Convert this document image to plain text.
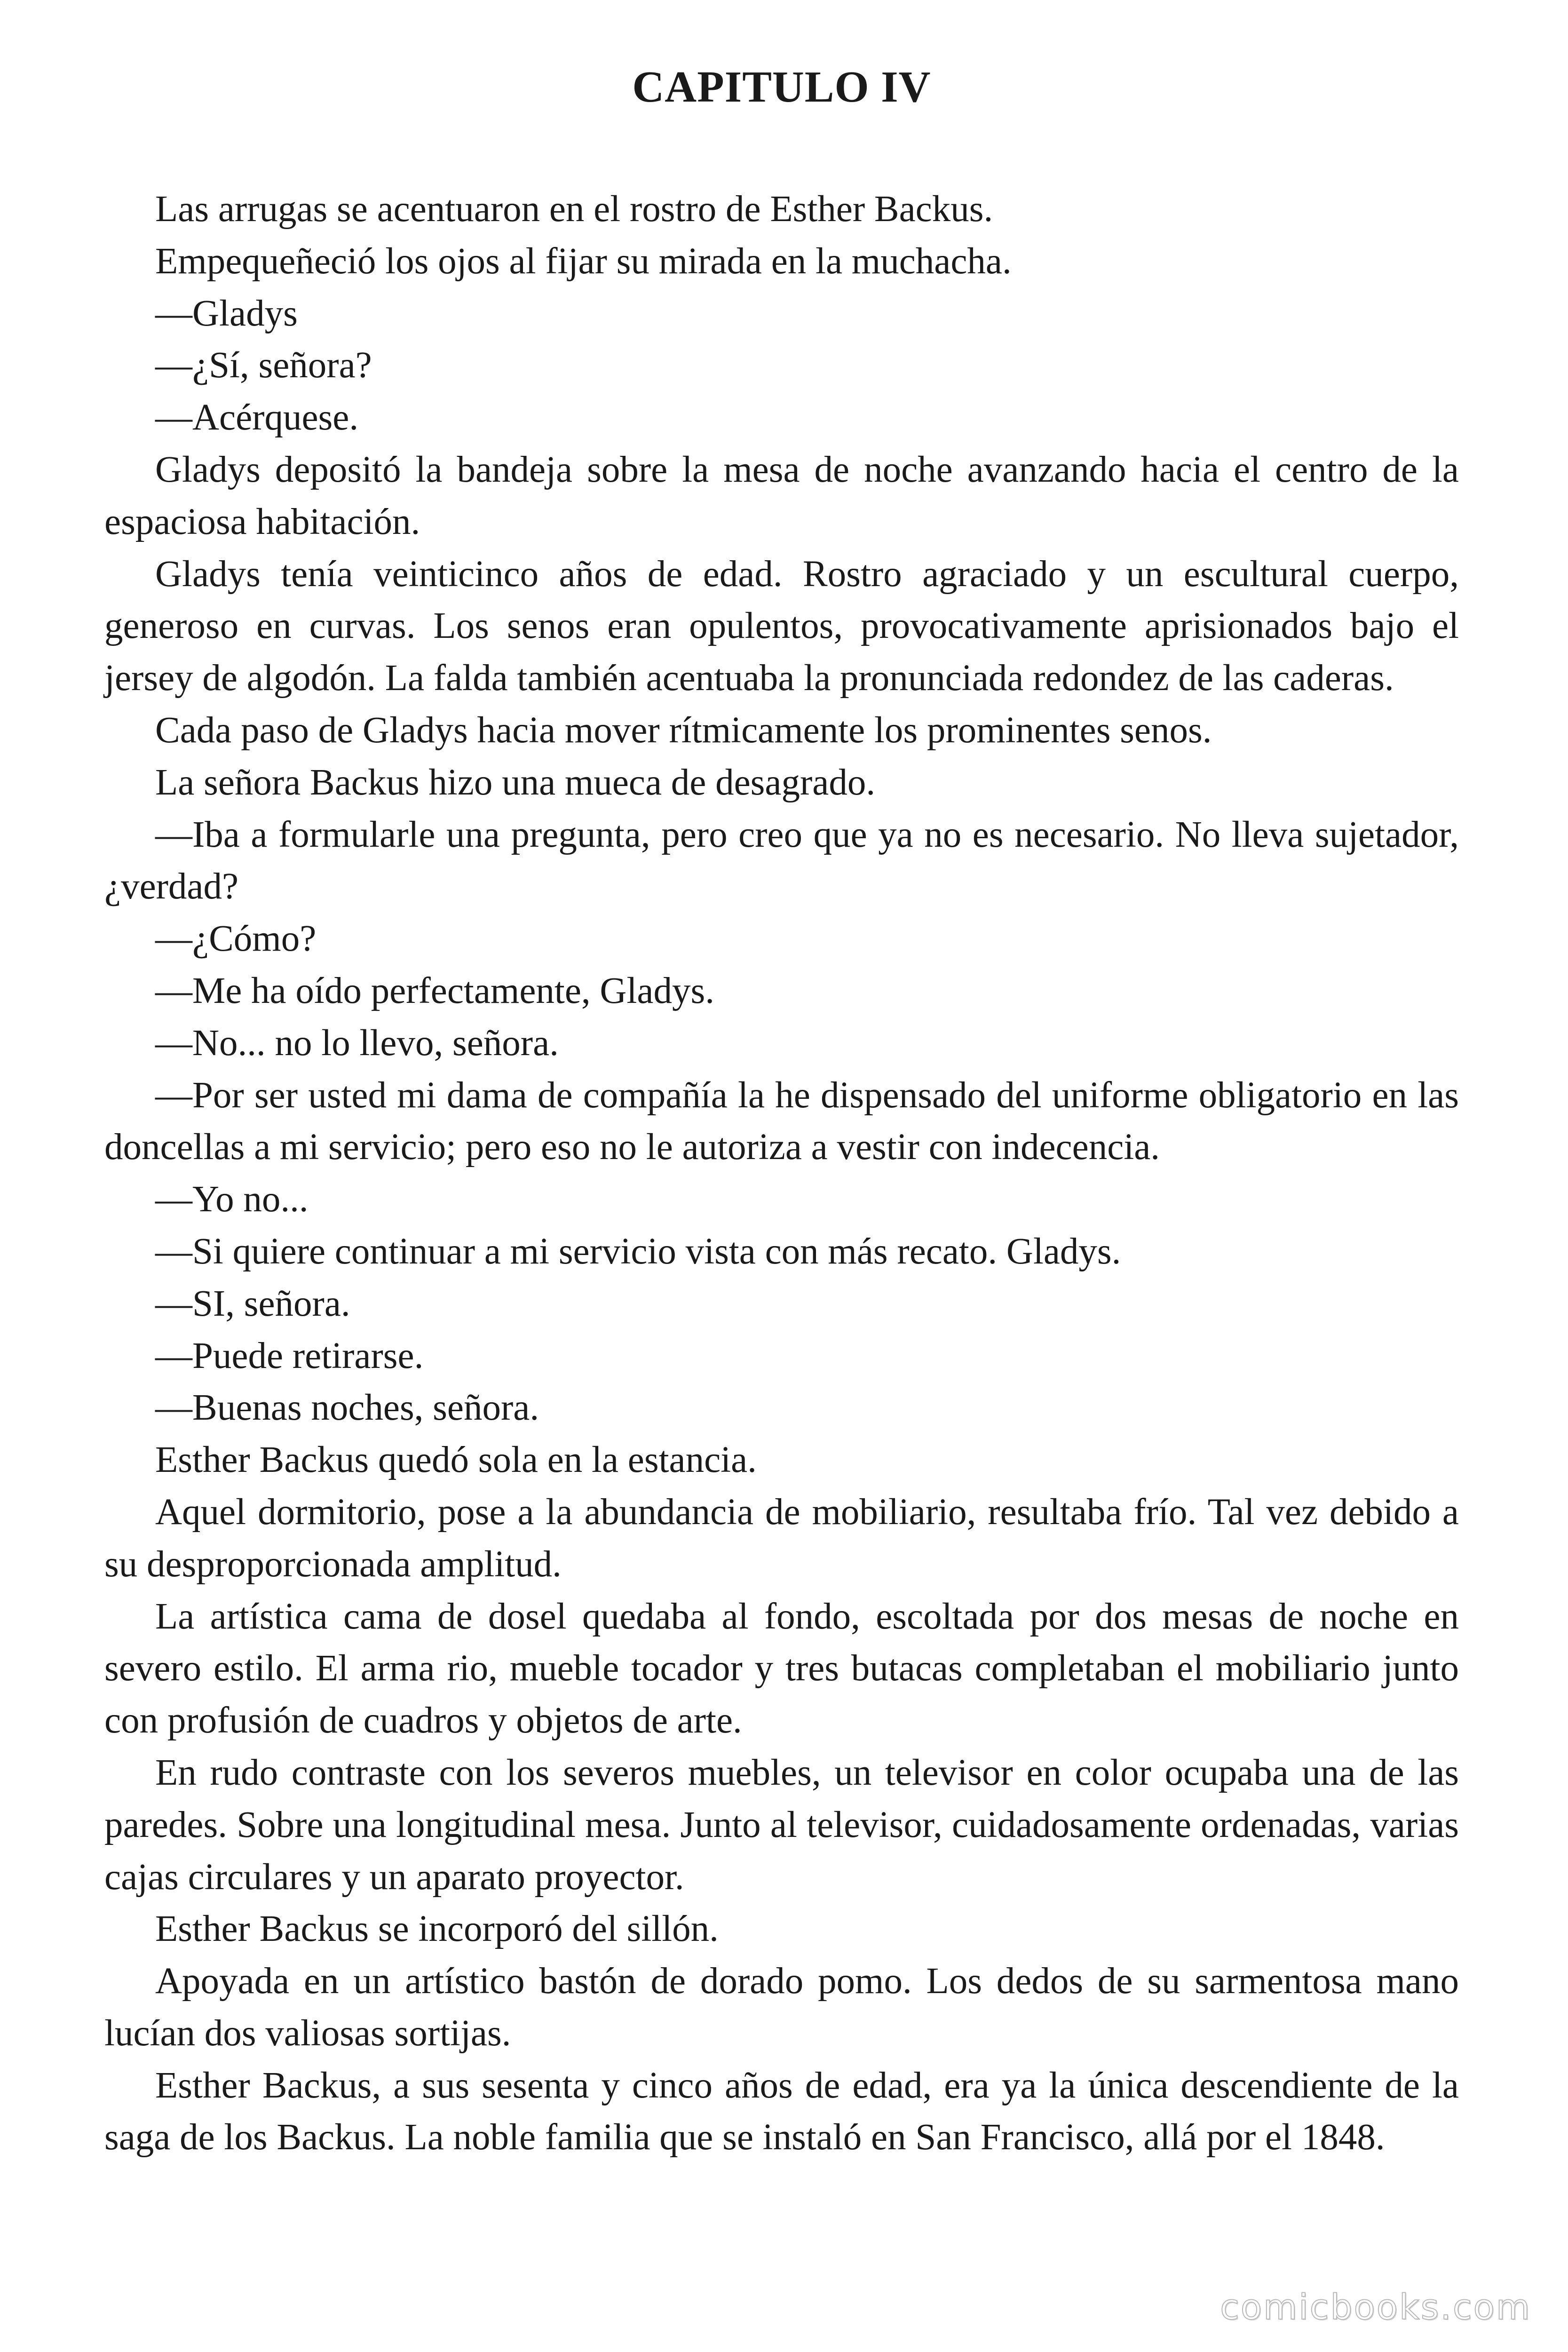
CAPITULO IV

Las arrugas se acentuaron en el rostro de Esther Backus.

Empequeñeció los ojos al fijar su mirada en la muchacha.

—Gladys

—¿Sí, señora?

—Acérquese.

Gladys depositó la bandeja sobre la mesa de noche avanzando hacia el centro de la espaciosa habitación.

Gladys tenía veinticinco años de edad. Rostro agraciado y un escultural cuerpo, generoso en curvas. Los senos eran opulentos, provocativamente aprisionados bajo el jersey de algodón. La falda también acentuaba la pronunciada redondez de las caderas.

Cada paso de Gladys hacia mover rítmicamente los prominentes senos.

La señora Backus hizo una mueca de desagrado.

—Iba a formularle una pregunta, pero creo que ya no es necesario. No lleva sujetador, ¿verdad?

—¿Cómo?

—Me ha oído perfectamente, Gladys.

—No... no lo llevo, señora.

—Por ser usted mi dama de compañía la he dispensado del uniforme obligatorio en las doncellas a mi servicio; pero eso no le autoriza a vestir con indecencia.

—Yo no...

—Si quiere continuar a mi servicio vista con más recato. Gladys.

—SI, señora.

—Puede retirarse.

—Buenas noches, señora.

Esther Backus quedó sola en la estancia.

Aquel dormitorio, pose a la abundancia de mobiliario, resultaba frío. Tal vez debido a su desproporcionada amplitud.

La artística cama de dosel quedaba al fondo, escoltada por dos mesas de noche en severo estilo. El arma rio, mueble tocador y tres butacas completaban el mobiliario junto con profusión de cuadros y objetos de arte.

En rudo contraste con los severos muebles, un televisor en color ocupaba una de las paredes. Sobre una longitudinal mesa. Junto al televisor, cuidadosamente ordenadas, varias cajas circulares y un aparato proyector.

Esther Backus se incorporó del sillón.

Apoyada en un artístico bastón de dorado pomo. Los dedos de su sarmentosa mano lucían dos valiosas sortijas.

Esther Backus, a sus sesenta y cinco años de edad, era ya la única descendiente de la saga de los Backus. La noble familia que se instaló en San Francisco, allá por el 1848.

comicbooks.com
